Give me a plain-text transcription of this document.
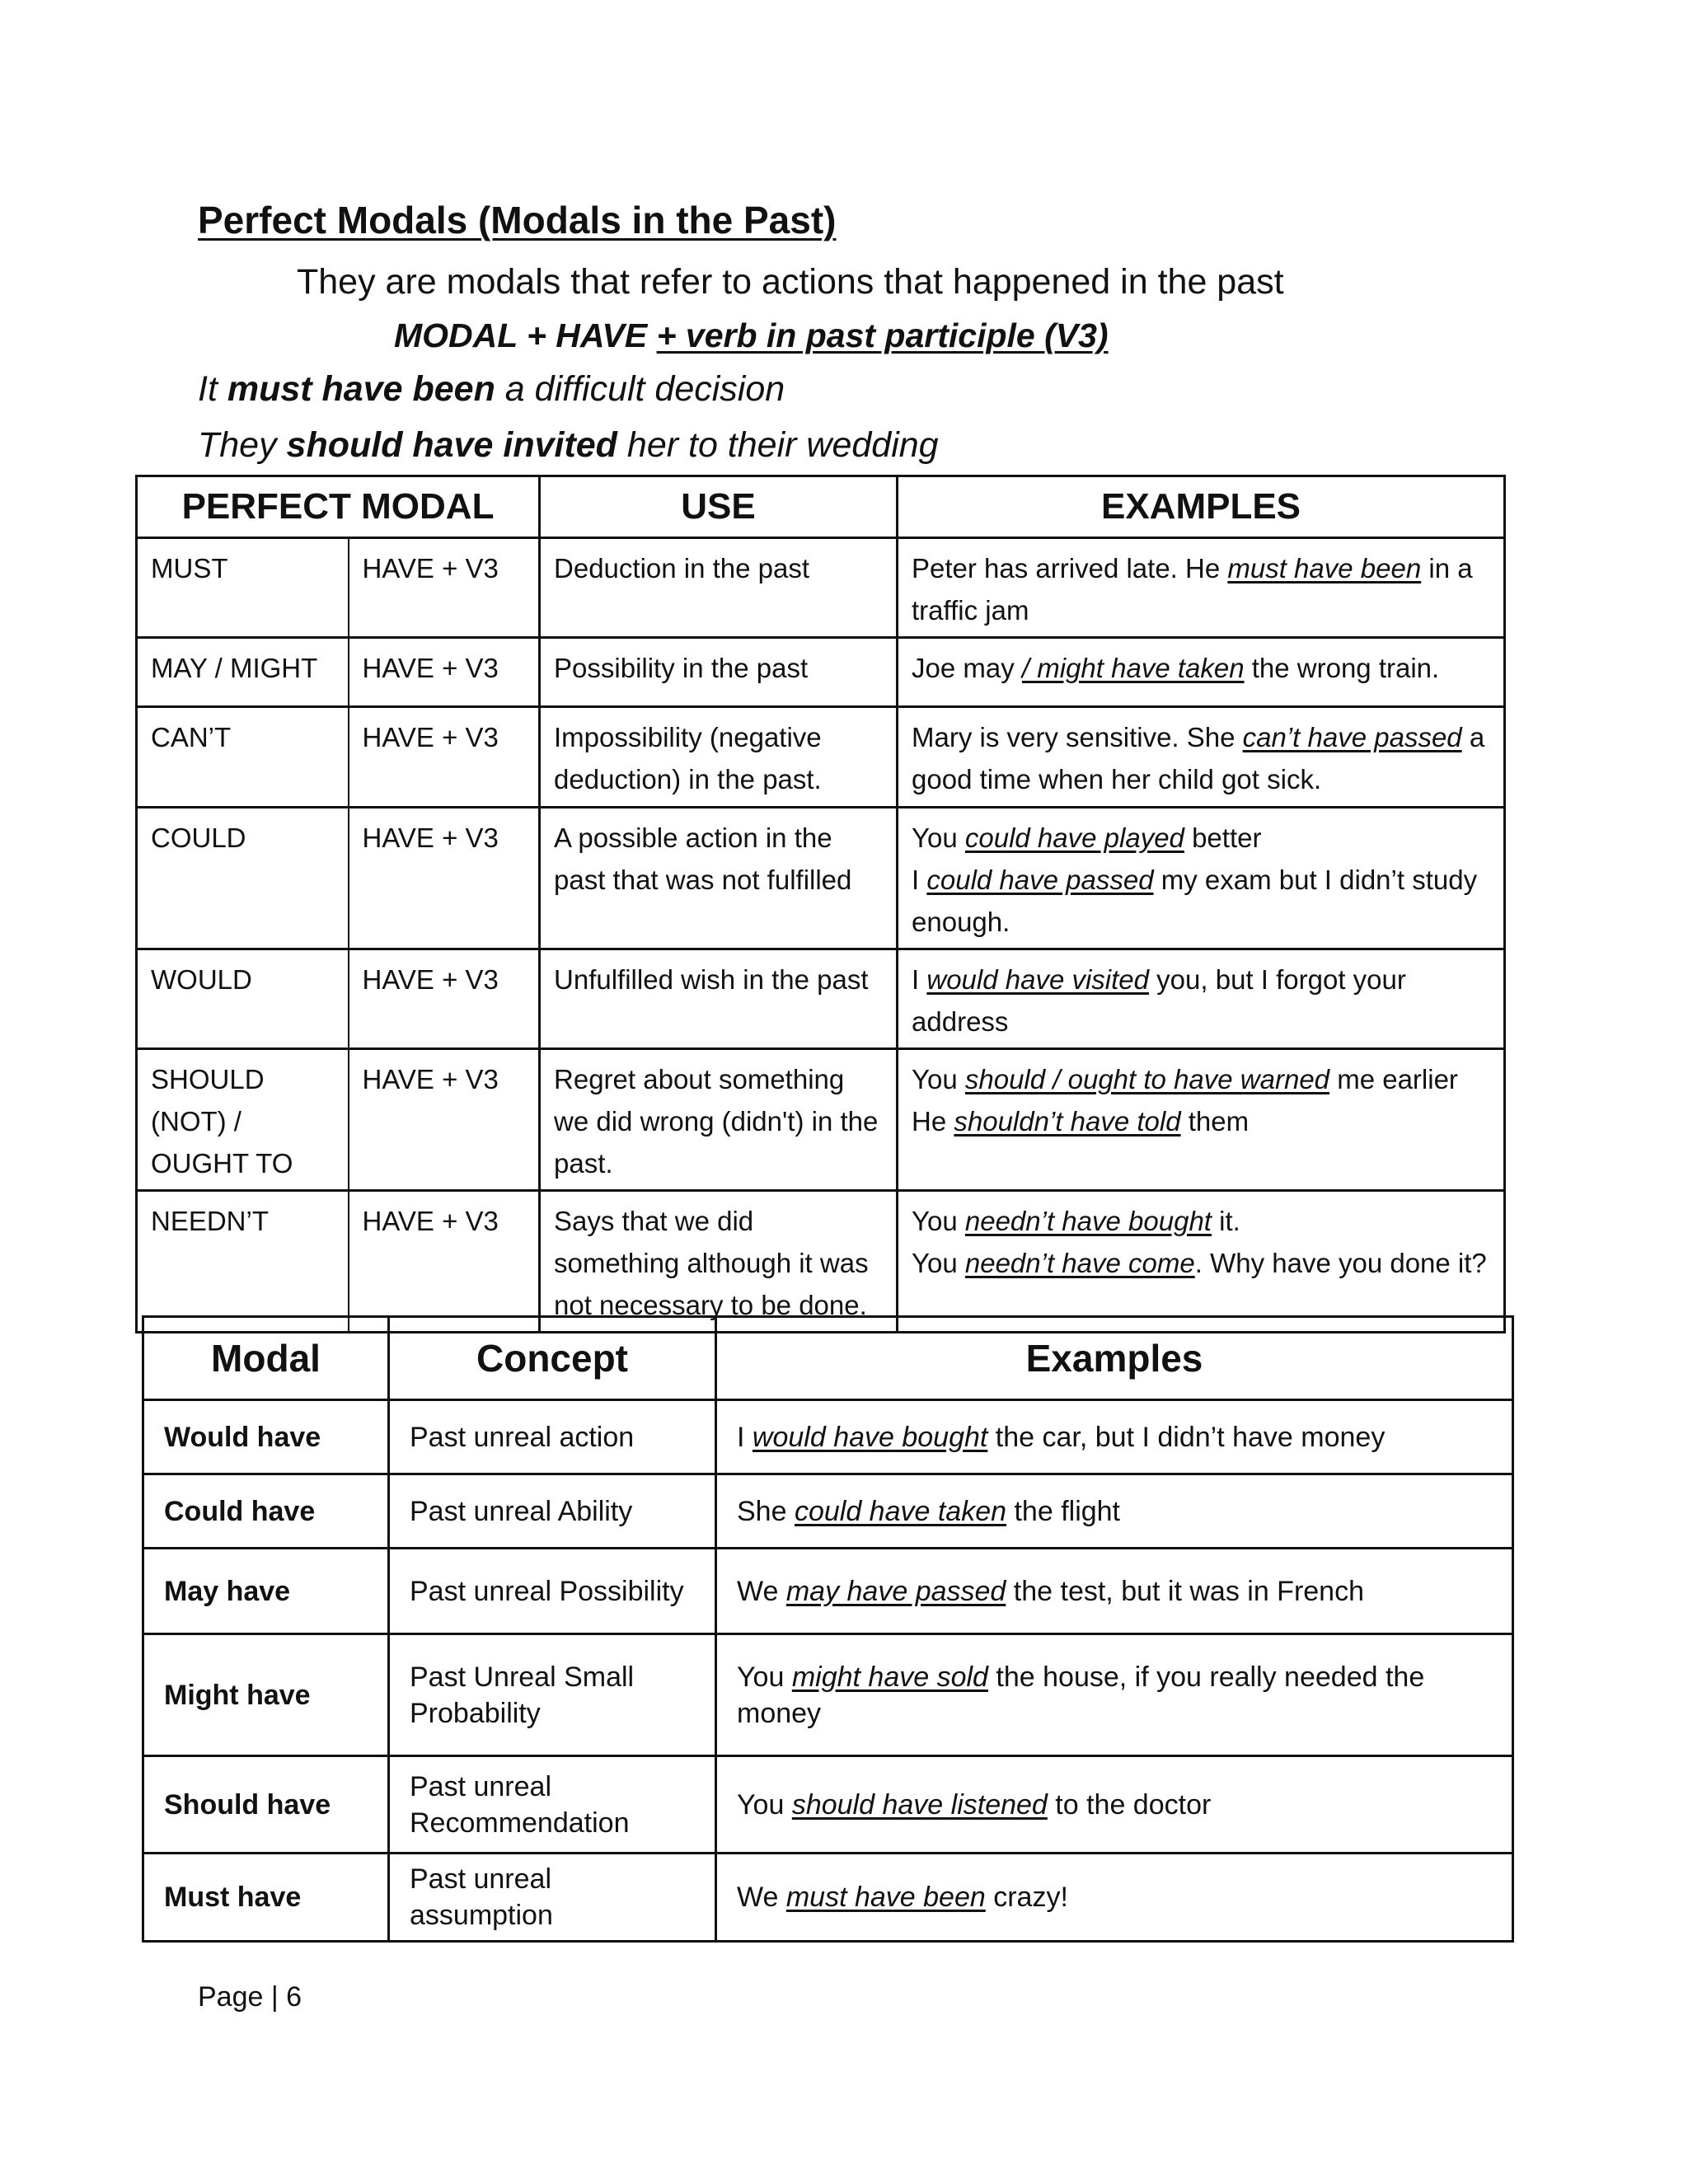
Perfect Modals (Modals in the Past)
They are modals that refer to actions that happened in the past
MODAL + HAVE + verb in past participle (V3)
It must have been a difficult decision
They should have invited her to their wedding
PERFECT MODAL		USE	EXAMPLES
MUST	HAVE + V3	Deduction in the past	Peter has arrived late. He must have been in a traffic jam
MAY / MIGHT	HAVE + V3	Possibility in the past	Joe may / might have taken the wrong train.
CAN’T	HAVE + V3	Impossibility (negative deduction) in the past.	Mary is very sensitive. She can’t have passed a good time when her child got sick.
COULD	HAVE + V3	A possible action in the past that was not fulfilled	You could have played better
I could have passed my exam but I didn’t study enough.
WOULD	HAVE + V3	Unfulfilled wish in the past	I would have visited you, but I forgot your address
SHOULD (NOT) / OUGHT TO	HAVE + V3	Regret about something we did wrong (didn't) in the past.	You should / ought to have warned me earlier
He shouldn’t have told them
NEEDN’T	HAVE + V3	Says that we did something although it was not necessary to be done.	You needn’t have bought it.
You needn’t have come. Why have you done it?
Modal	Concept	Examples
Would have	Past unreal action	I would have bought the car, but I didn’t have money
Could have	Past unreal Ability	She could have taken the flight
May have	Past unreal Possibility	We may have passed the test, but it was in French
Might have	Past Unreal Small Probability	You might have sold the house, if you really needed the money
Should have	Past unreal Recommendation	You should have listened to the doctor
Must have	Past unreal assumption	We must have been crazy!
Page | 6
